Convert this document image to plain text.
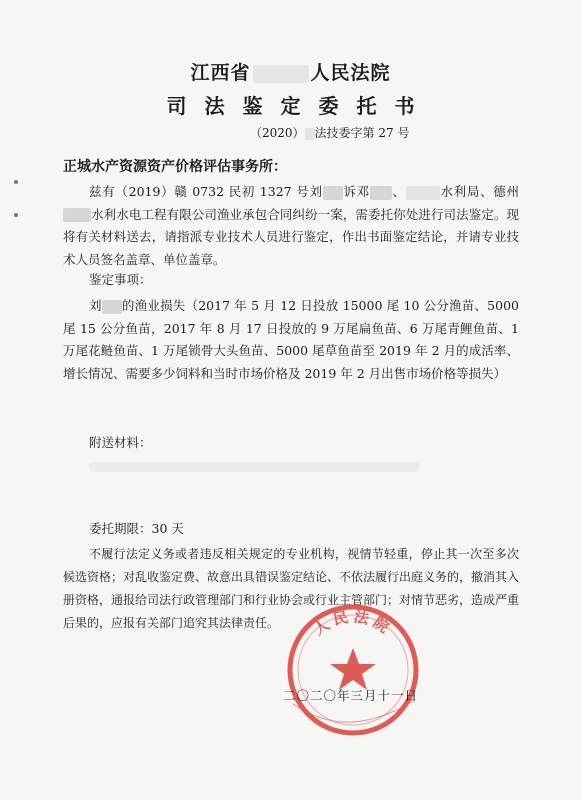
江西省	人民法院
司法鉴定委托书
（2020） 法技委字第 27 号
正城水产资源资产价格评估事务所：
兹有（2019）赣 0732 民初 1327 号刘 诉邓 、	水利局、德州水利水电工程有限公司渔业承包合同纠纷一案，需委托你处进行司法鉴定。现将有关材料送去，请指派专业技术人员进行鉴定，作出书面鉴定结论，并请专业技术人员签名盖章、单位盖章。
鉴定事项：
刘 的渔业损失（2017 年 5 月 12 日投放 15000 尾 10 公分渔苗、5000 尾 15 公分鱼苗，2017 年 8 月 17 日投放的 9 万尾扁鱼苗、6 万尾青鲤鱼苗、1 万尾花鲢鱼苗、1 万尾锁骨大头鱼苗、5000 尾草鱼苗至 2019 年 2 月的成活率、增长情况、需要多少饲料和当时市场价格及 2019 年 2 月出售市场价格等损失）
附送材料：
委托期限：30 天
不履行法定义务或者违反相关规定的专业机构，视情节轻重，停止其一次至多次候选资格；对乱收鉴定费、故意出具错误鉴定结论、不依法履行出庭义务的，撤消其入册资格，通报给司法行政管理部门和行业协会或行业主管部门；对情节恶劣，造成严重后果的，应报有关部门追究其法律责任。	人民法院
二〇二〇年三月十一日
